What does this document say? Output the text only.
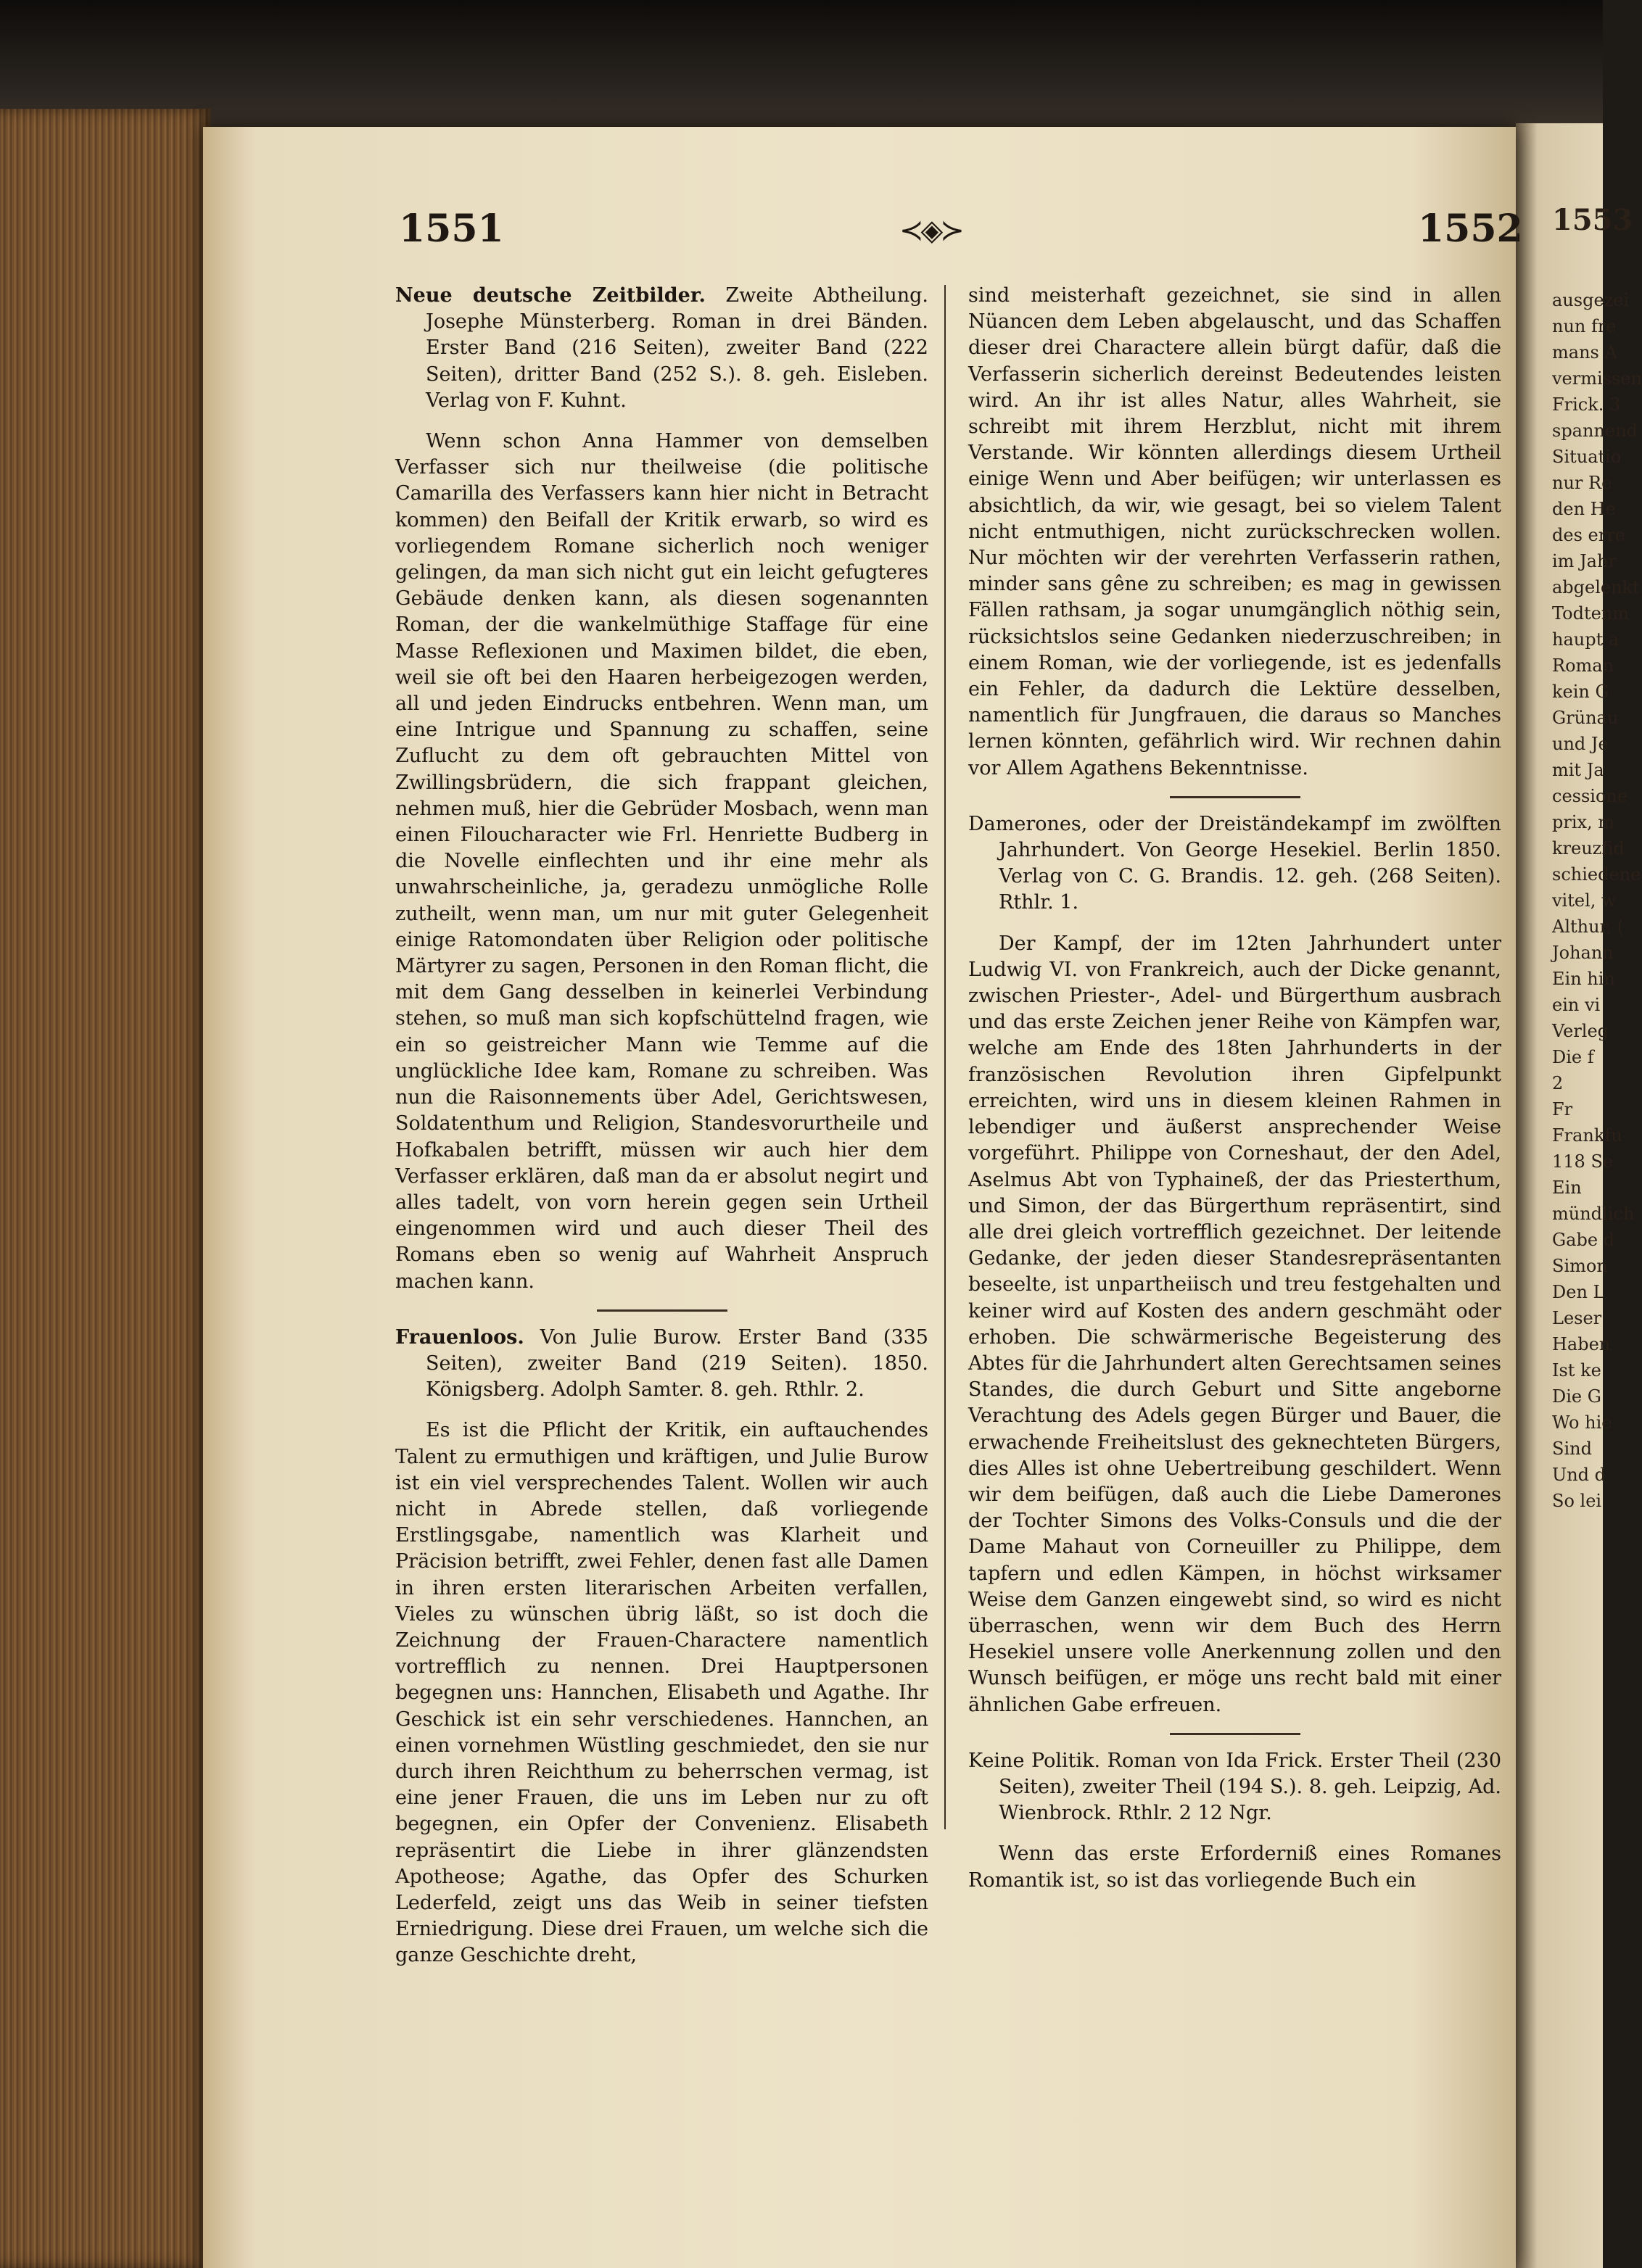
1553
ausgezei
nun fre
mans A
vermissen
Frick. 3
spannend
Situatio
nur Re
den He
des erre
im Jahr
abgelenkt
Todtenm
haupt a
Roman
kein G
Grünau
und Je
mit Ja
cessione
prix, m
kreuzfid
schiedene
vitel, w
Althur, (
Johann
Ein hin
ein vi
Verleg
Die f
2
Fr
Frankfu
118 Se
Ein
mündlich
Gabe d
Simon
Den L
Leser
Haben
Ist ke
Die G
Wo hie
Sind
Und d
So lei
1551	≺◈≻	1552

Neue deutsche Zeitbilder. Zweite Abtheilung. Josephe Münsterberg. Roman in drei Bänden. Erster Band (216 Seiten), zweiter Band (222 Seiten), dritter Band (252 S.). 8. geh. Eisleben. Verlag von F. Kuhnt.

Wenn schon Anna Hammer von demselben Verfasser sich nur theilweise (die politische Camarilla des Verfassers kann hier nicht in Betracht kommen) den Beifall der Kritik erwarb, so wird es vorliegendem Romane sicherlich noch weniger gelingen, da man sich nicht gut ein leicht gefugteres Gebäude denken kann, als diesen sogenannten Roman, der die wankelmüthige Staffage für eine Masse Reflexionen und Maximen bildet, die eben, weil sie oft bei den Haaren herbeigezogen werden, all und jeden Eindrucks entbehren. Wenn man, um eine Intrigue und Spannung zu schaffen, seine Zuflucht zu dem oft gebrauchten Mittel von Zwillingsbrüdern, die sich frappant gleichen, nehmen muß, hier die Gebrüder Mosbach, wenn man einen Filoucharacter wie Frl. Henriette Budberg in die Novelle einflechten und ihr eine mehr als unwahrscheinliche, ja, geradezu unmögliche Rolle zutheilt, wenn man, um nur mit guter Gelegenheit einige Ratomondaten über Religion oder politische Märtyrer zu sagen, Personen in den Roman flicht, die mit dem Gang desselben in keinerlei Verbindung stehen, so muß man sich kopfschüttelnd fragen, wie ein so geistreicher Mann wie Temme auf die unglückliche Idee kam, Romane zu schreiben. Was nun die Raisonnements über Adel, Gerichtswesen, Soldatenthum und Religion, Standesvorurtheile und Hofkabalen betrifft, müssen wir auch hier dem Verfasser erklären, daß man da er absolut negirt und alles tadelt, von vorn herein gegen sein Urtheil eingenommen wird und auch dieser Theil des Romans eben so wenig auf Wahrheit Anspruch machen kann.

Frauenloos. Von Julie Burow. Erster Band (335 Seiten), zweiter Band (219 Seiten). 1850. Königsberg. Adolph Samter. 8. geh. Rthlr. 2.

Es ist die Pflicht der Kritik, ein auftauchendes Talent zu ermuthigen und kräftigen, und Julie Burow ist ein viel versprechendes Talent. Wollen wir auch nicht in Abrede stellen, daß vorliegende Erstlingsgabe, namentlich was Klarheit und Präcision betrifft, zwei Fehler, denen fast alle Damen in ihren ersten literarischen Arbeiten verfallen, Vieles zu wünschen übrig läßt, so ist doch die Zeichnung der Frauen-Charactere namentlich vortrefflich zu nennen. Drei Hauptpersonen begegnen uns: Hannchen, Elisabeth und Agathe. Ihr Geschick ist ein sehr verschiedenes. Hannchen, an einen vornehmen Wüstling geschmiedet, den sie nur durch ihren Reichthum zu beherrschen vermag, ist eine jener Frauen, die uns im Leben nur zu oft begegnen, ein Opfer der Convenienz. Elisabeth repräsentirt die Liebe in ihrer glänzendsten Apotheose; Agathe, das Opfer des Schurken Lederfeld, zeigt uns das Weib in seiner tiefsten Erniedrigung. Diese drei Frauen, um welche sich die ganze Geschichte dreht,

sind meisterhaft gezeichnet, sie sind in allen Nüancen dem Leben abgelauscht, und das Schaffen dieser drei Charactere allein bürgt dafür, daß die Verfasserin sicherlich dereinst Bedeutendes leisten wird. An ihr ist alles Natur, alles Wahrheit, sie schreibt mit ihrem Herzblut, nicht mit ihrem Verstande. Wir könnten allerdings diesem Urtheil einige Wenn und Aber beifügen; wir unterlassen es absichtlich, da wir, wie gesagt, bei so vielem Talent nicht entmuthigen, nicht zurückschrecken wollen. Nur möchten wir der verehrten Verfasserin rathen, minder sans gêne zu schreiben; es mag in gewissen Fällen rathsam, ja sogar unumgänglich nöthig sein, rücksichtslos seine Gedanken niederzuschreiben; in einem Roman, wie der vorliegende, ist es jedenfalls ein Fehler, da dadurch die Lektüre desselben, namentlich für Jungfrauen, die daraus so Manches lernen könnten, gefährlich wird. Wir rechnen dahin vor Allem Agathens Bekenntnisse.

Damerones, oder der Dreiständekampf im zwölften Jahrhundert. Von George Hesekiel. Berlin 1850. Verlag von C. G. Brandis. 12. geh. (268 Seiten). Rthlr. 1.

Der Kampf, der im 12ten Jahrhundert unter Ludwig VI. von Frankreich, auch der Dicke genannt, zwischen Priester-, Adel- und Bürgerthum ausbrach und das erste Zeichen jener Reihe von Kämpfen war, welche am Ende des 18ten Jahrhunderts in der französischen Revolution ihren Gipfelpunkt erreichten, wird uns in diesem kleinen Rahmen in lebendiger und äußerst ansprechender Weise vorgeführt. Philippe von Corneshaut, der den Adel, Aselmus Abt von Typhaineß, der das Priesterthum, und Simon, der das Bürgerthum repräsentirt, sind alle drei gleich vortrefflich gezeichnet. Der leitende Gedanke, der jeden dieser Standesrepräsentanten beseelte, ist unpartheiisch und treu festgehalten und keiner wird auf Kosten des andern geschmäht oder erhoben. Die schwärmerische Begeisterung des Abtes für die Jahrhundert alten Gerechtsamen seines Standes, die durch Geburt und Sitte angeborne Verachtung des Adels gegen Bürger und Bauer, die erwachende Freiheitslust des geknechteten Bürgers, dies Alles ist ohne Uebertreibung geschildert. Wenn wir dem beifügen, daß auch die Liebe Damerones der Tochter Simons des Volks-Consuls und die der Dame Mahaut von Corneuiller zu Philippe, dem tapfern und edlen Kämpen, in höchst wirksamer Weise dem Ganzen eingewebt sind, so wird es nicht überraschen, wenn wir dem Buch des Herrn Hesekiel unsere volle Anerkennung zollen und den Wunsch beifügen, er möge uns recht bald mit einer ähnlichen Gabe erfreuen.

Keine Politik. Roman von Ida Frick. Erster Theil (230 Seiten), zweiter Theil (194 S.). 8. geh. Leipzig, Ad. Wienbrock. Rthlr. 2 12 Ngr.

Wenn das erste Erforderniß eines Romanes Romantik ist, so ist das vorliegende Buch ein
